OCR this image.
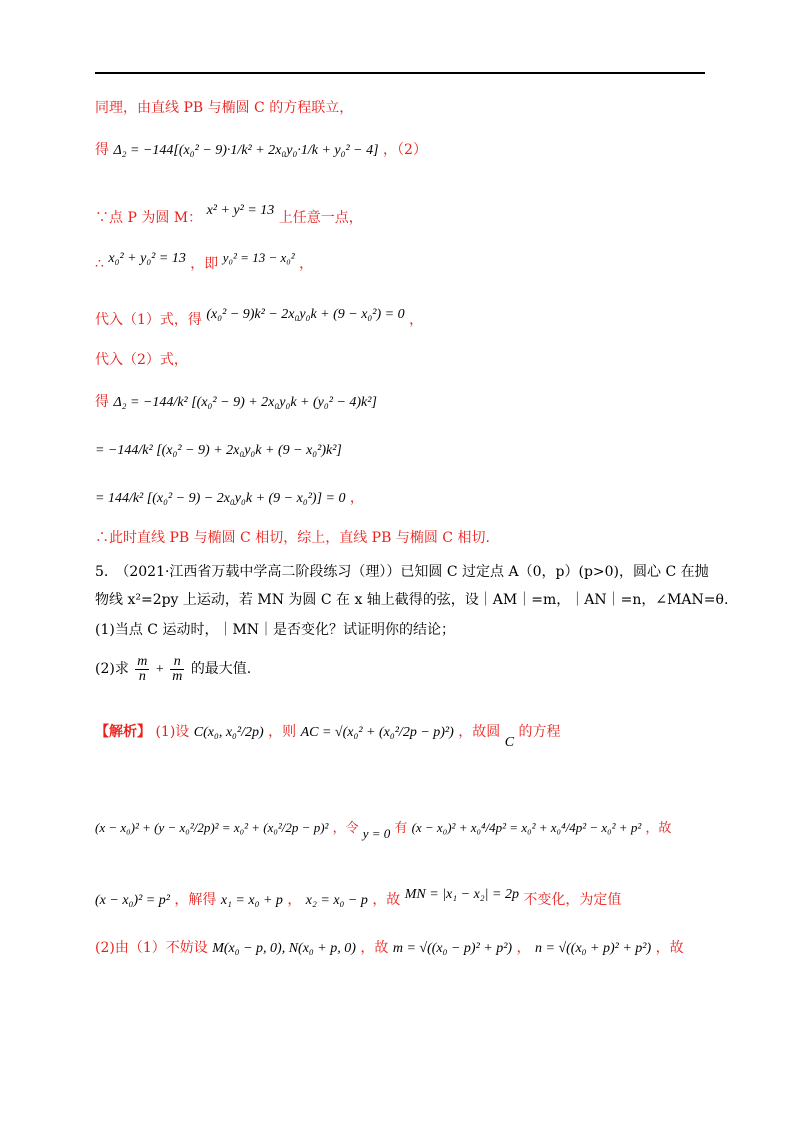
同理，由直线 PB 与椭圆 C 的方程联立，
得 Δ₂ = −144[(x₀² − 9)·1/k² + 2x₀y₀·1/k + y₀² − 4] ，（2）
∵点 P 为圆 M： x² + y² = 13 上任意一点，
∴ x₀² + y₀² = 13 ，即 y₀² = 13 − x₀² ，
代入（1）式，得 (x₀² − 9)k² − 2x₀y₀k + (9 − x₀²) = 0 ，
代入（2）式，
得 Δ₂ = −144/k² [(x₀² − 9) + 2x₀y₀k + (y₀² − 4)k²]
= −144/k² [(x₀² − 9) + 2x₀y₀k + (9 − x₀²)k²]
= 144/k² [(x₀² − 9) − 2x₀y₀k + (9 − x₀²)] = 0 ，
∴此时直线 PB 与椭圆 C 相切，综上，直线 PB 与椭圆 C 相切.
5.　（2021·江西省万载中学高二阶段练习（理））已知圆 C 过定点 A（0，p）(p>0)，圆心 C 在抛
物线 x²=2py 上运动，若 MN 为圆 C 在 x 轴上截得的弦，设｜AM｜=m，｜AN｜=n，∠MAN=θ.
(1)当点 C 运动时，｜MN｜是否变化？试证明你的结论；
(2)求 $\frac{m}{n} + \frac{n}{m}$ 的最大值.
【解析】 (1)设 C(x₀, x₀²/2p) ，则 AC = √(x₀² + (x₀²/2p − p)²) ，故圆 C 的方程
(x − x₀)² + (y − x₀²/2p)² = x₀² + (x₀²/2p − p)² ，令 y = 0 有 (x − x₀)² + x₀⁴/4p² = x₀² + x₀⁴/4p² − x₀² + p² ，故
(x − x₀)² = p² ，解得 x₁ = x₀ + p ， x₂ = x₀ − p ，故 MN = |x₁ − x₂| = 2p 不变化，为定值
(2)由（1）不妨设 M(x₀ − p, 0), N(x₀ + p, 0) ，故 m = √((x₀ − p)² + p²) ， n = √((x₀ + p)² + p²) ，故
